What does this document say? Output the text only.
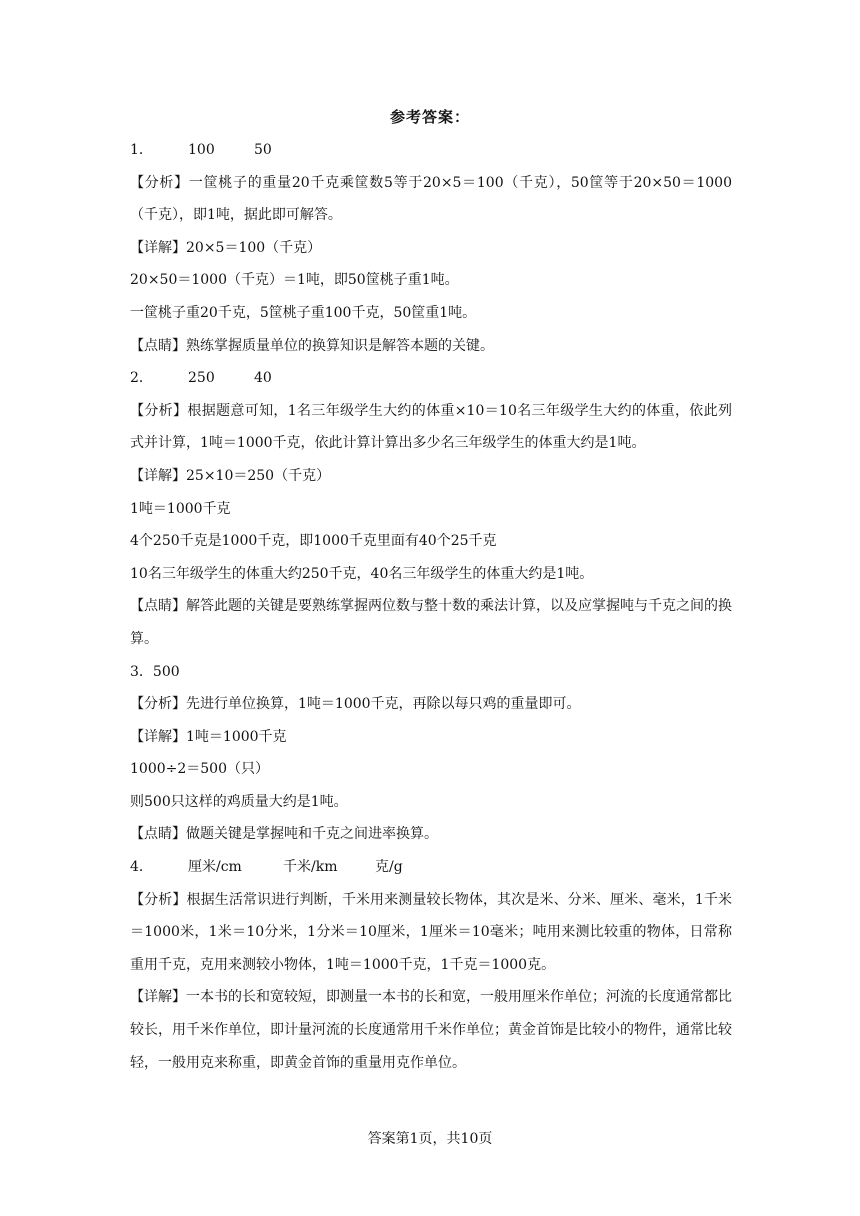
参考答案：
1．	100	50
【分析】一筐桃子的重量20千克乘筐数5等于20×5＝100（千克），50筐等于20×50＝1000（千克），即1吨，据此即可解答。
【详解】20×5＝100（千克）
20×50＝1000（千克）＝1吨，即50筐桃子重1吨。
一筐桃子重20千克，5筐桃子重100千克，50筐重1吨。
【点睛】熟练掌握质量单位的换算知识是解答本题的关键。
2．	250	40
【分析】根据题意可知，1名三年级学生大约的体重×10＝10名三年级学生大约的体重，依此列式并计算，1吨＝1000千克，依此计算计算出多少名三年级学生的体重大约是1吨。
【详解】25×10＝250（千克）
1吨＝1000千克
4个250千克是1000千克，即1000千克里面有40个25千克
10名三年级学生的体重大约250千克，40名三年级学生的体重大约是1吨。
【点睛】解答此题的关键是要熟练掌握两位数与整十数的乘法计算，以及应掌握吨与千克之间的换算。
3．500
【分析】先进行单位换算，1吨＝1000千克，再除以每只鸡的重量即可。
【详解】1吨＝1000千克
1000÷2＝500（只）
则500只这样的鸡质量大约是1吨。
【点睛】做题关键是掌握吨和千克之间进率换算。
4．	厘米/cm	千米/km	克/g
【分析】根据生活常识进行判断，千米用来测量较长物体，其次是米、分米、厘米、毫米，1千米＝1000米，1米＝10分米，1分米＝10厘米，1厘米＝10毫米；吨用来测比较重的物体，日常称重用千克，克用来测较小物体，1吨＝1000千克，1千克＝1000克。
【详解】一本书的长和宽较短，即测量一本书的长和宽，一般用厘米作单位；河流的长度通常都比较长，用千米作单位，即计量河流的长度通常用千米作单位；黄金首饰是比较小的物件，通常比较轻，一般用克来称重，即黄金首饰的重量用克作单位。
答案第1页，共10页
